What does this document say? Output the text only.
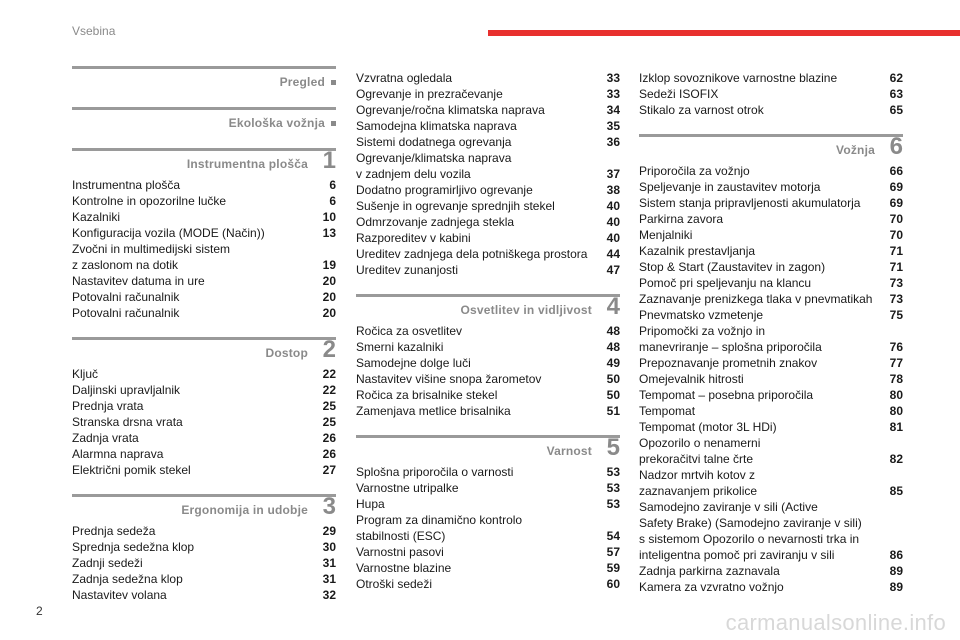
Vsebina
Pregled
Ekološka vožnja
Instrumentna plošča 1
Instrumentna plošča	6
Kontrolne in opozorilne lučke	6
Kazalniki	10
Konfiguracija vozila (MODE (Način))	13
Zvočni in multimedijski sistem
z zaslonom na dotik	19
Nastavitev datuma in ure	20
Potovalni računalnik	20
Potovalni računalnik	20
Dostop 2
Ključ	22
Daljinski upravljalnik	22
Prednja vrata	25
Stranska drsna vrata	25
Zadnja vrata	26
Alarmna naprava	26
Električni pomik stekel	27
Ergonomija in udobje 3
Prednja sedeža	29
Sprednja sedežna klop	30
Zadnji sedeži	31
Zadnja sedežna klop	31
Nastavitev volana	32
Vzvratna ogledala	33
Ogrevanje in prezračevanje	33
Ogrevanje/ročna klimatska naprava	34
Samodejna klimatska naprava	35
Sistemi dodatnega ogrevanja	36
Ogrevanje/klimatska naprava
v zadnjem delu vozila	37
Dodatno programirljivo ogrevanje	38
Sušenje in ogrevanje sprednjih stekel	40
Odmrzovanje zadnjega stekla	40
Razporeditev v kabini	40
Ureditev zadnjega dela potniškega prostora	44
Ureditev zunanjosti	47
Osvetlitev in vidljivost 4
Ročica za osvetlitev	48
Smerni kazalniki	48
Samodejne dolge luči	49
Nastavitev višine snopa žarometov	50
Ročica za brisalnike stekel	50
Zamenjava metlice brisalnika	51
Varnost 5
Splošna priporočila o varnosti	53
Varnostne utripalke	53
Hupa	53
Program za dinamično kontrolo
stabilnosti (ESC)	54
Varnostni pasovi	57
Varnostne blazine	59
Otroški sedeži	60
Izklop sovoznikove varnostne blazine	62
Sedeži ISOFIX	63
Stikalo za varnost otrok	65
Vožnja 6
Priporočila za vožnjo	66
Speljevanje in zaustavitev motorja	69
Sistem stanja pripravljenosti akumulatorja	69
Parkirna zavora	70
Menjalniki	70
Kazalnik prestavljanja	71
Stop & Start (Zaustavitev in zagon)	71
Pomoč pri speljevanju na klancu	73
Zaznavanje prenizkega tlaka v pnevmatikah	73
Pnevmatsko vzmetenje	75
Pripomočki za vožnjo in
manevriranje – splošna priporočila	76
Prepoznavanje prometnih znakov	77
Omejevalnik hitrosti	78
Tempomat – posebna priporočila	80
Tempomat	80
Tempomat (motor 3L HDi)	81
Opozorilo o nenamerni
prekoračitvi talne črte	82
Nadzor mrtvih kotov z
zaznavanjem prikolice	85
Samodejno zaviranje v sili (Active
Safety Brake) (Samodejno zaviranje v sili)
s sistemom Opozorilo o nevarnosti trka in
inteligentna pomoč pri zaviranju v sili	86
Zadnja parkirna zaznavala	89
Kamera za vzvratno vožnjo	89
2	carmanualsonline.info
